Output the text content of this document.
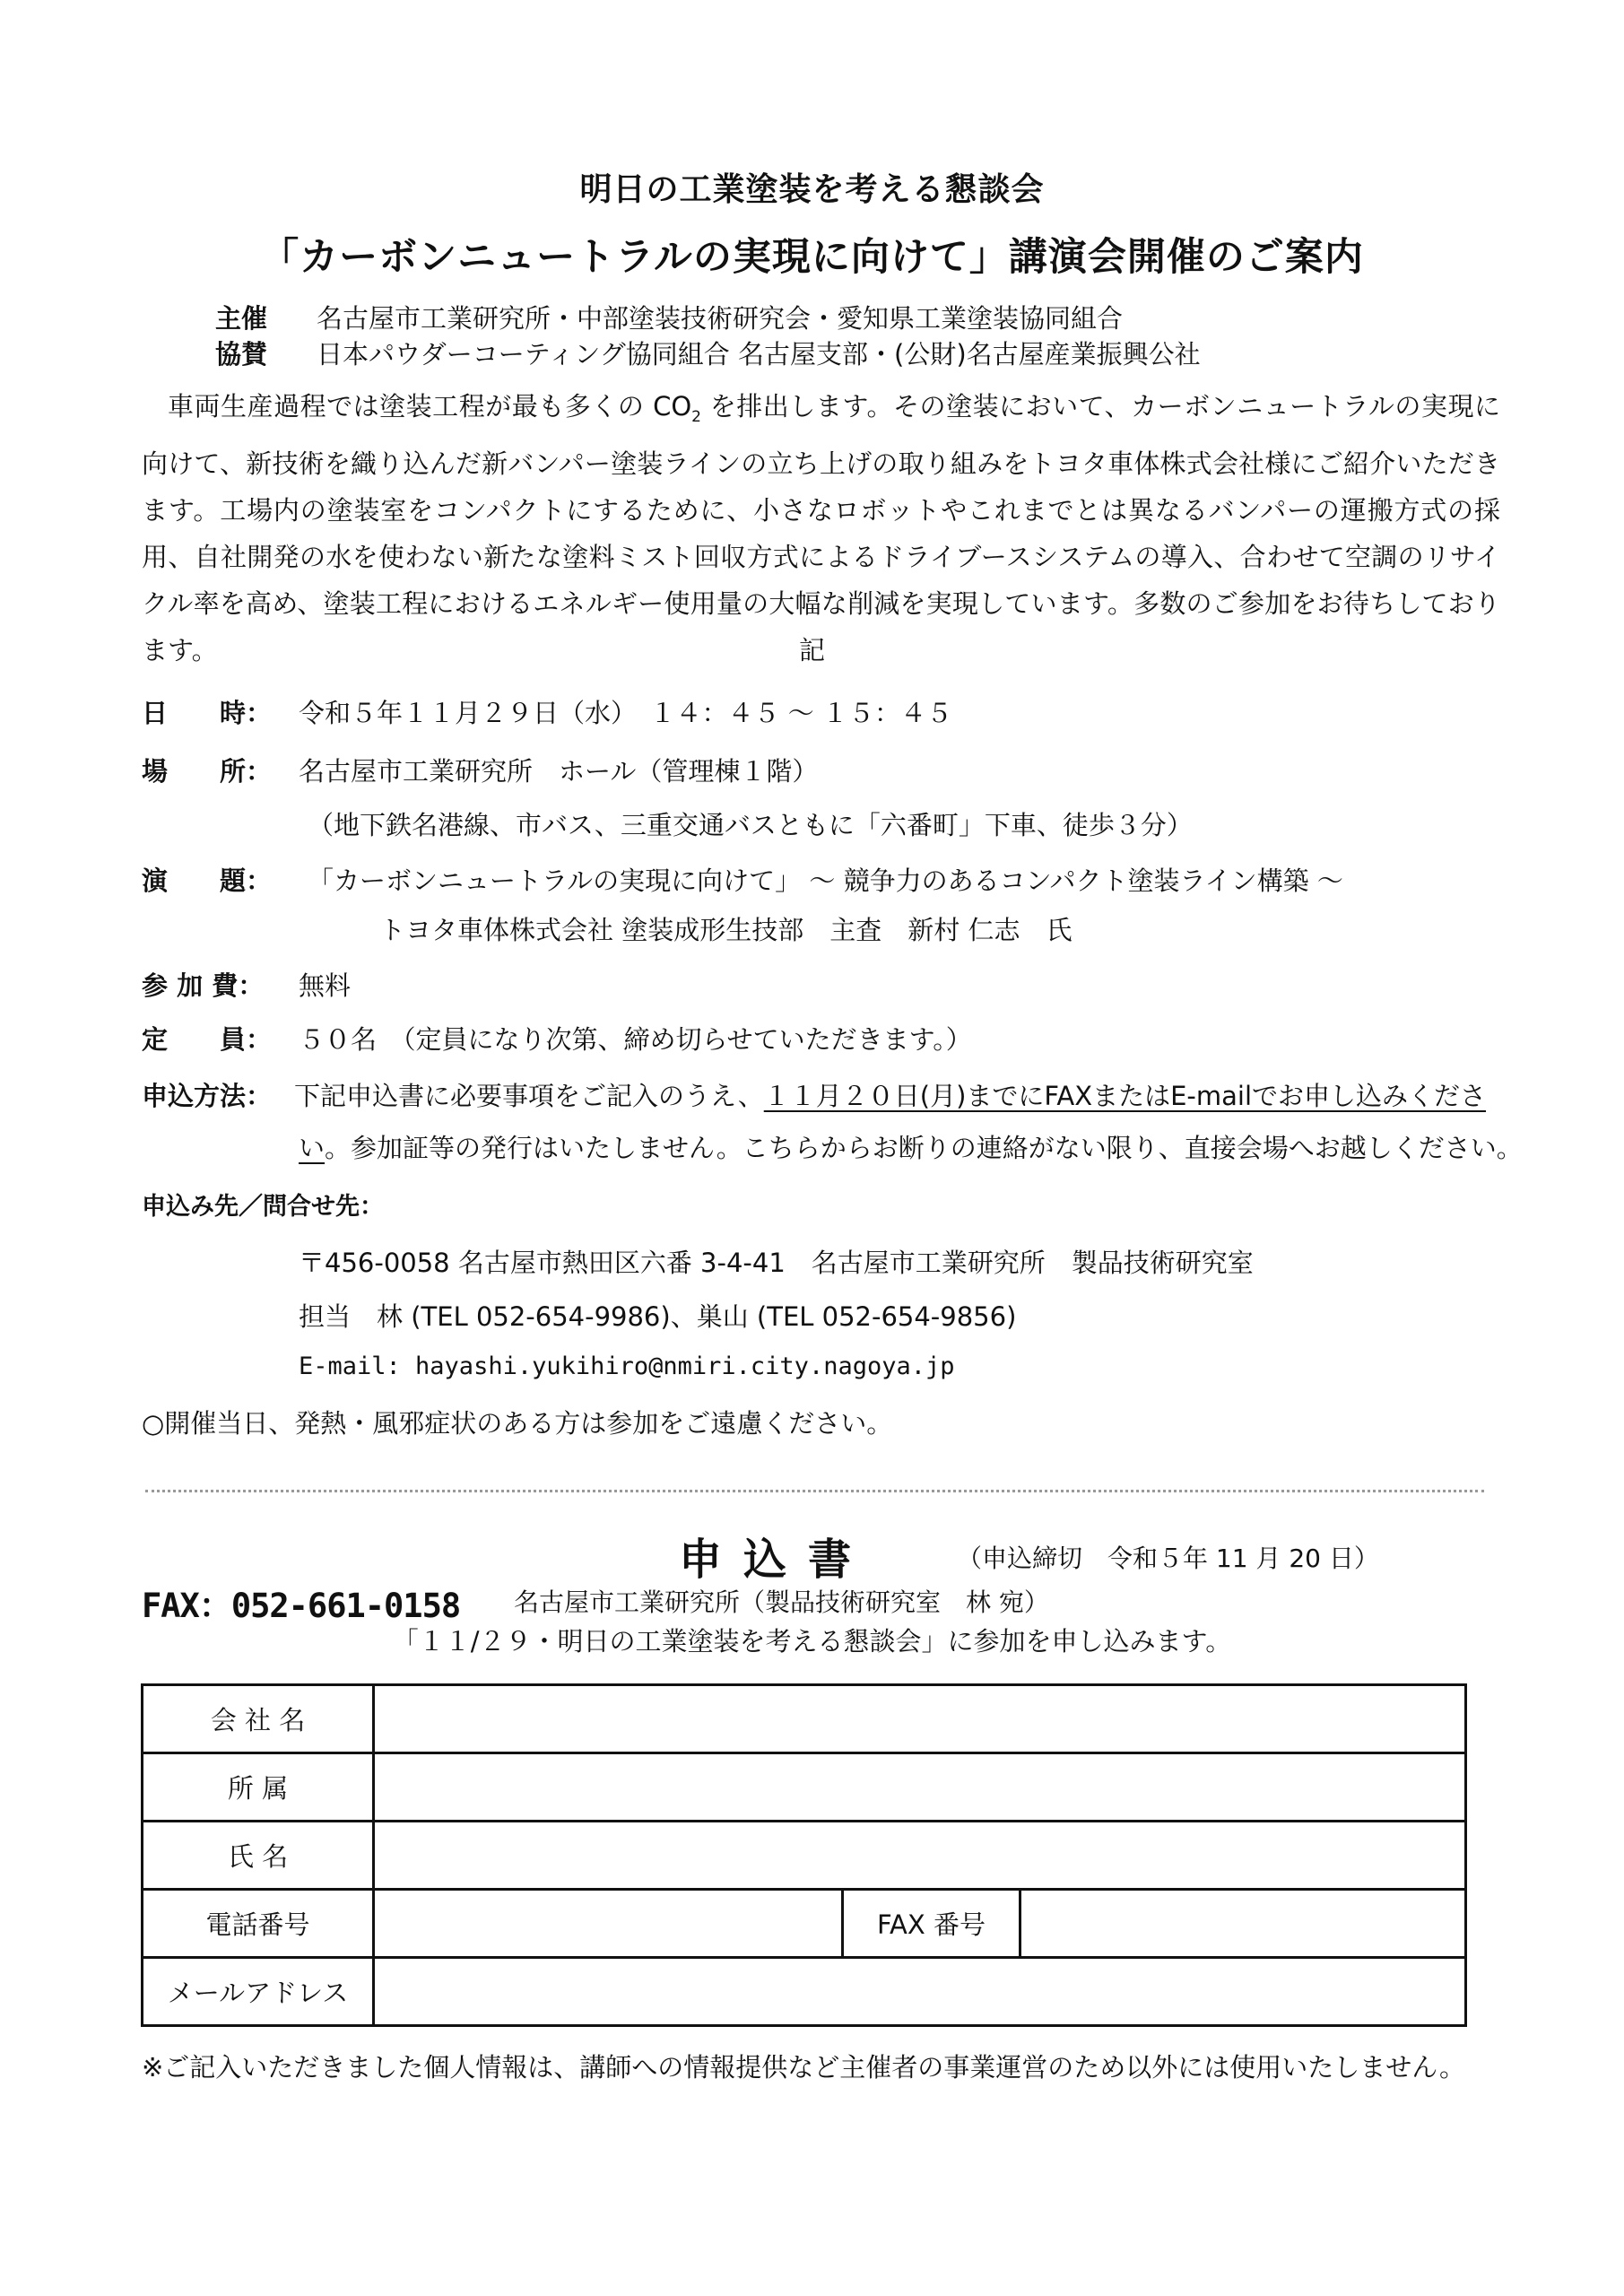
明日の工業塗装を考える懇談会
「カーボンニュートラルの実現に向けて」講演会開催のご案内
主催 名古屋市工業研究所・中部塗装技術研究会・愛知県工業塗装協同組合
協賛 日本パウダーコーティング協同組合 名古屋支部・(公財)名古屋産業振興公社
車両生産過程では塗装工程が最も多くの $CO_2$ を排出します。その塗装において、カーボンニュートラルの実現に向けて、新技術を織り込んだ新バンパー塗装ラインの立ち上げの取り組みをトヨタ車体株式会社様にご紹介いただきます。工場内の塗装室をコンパクトにするために、小さなロボットやこれまでとは異なるバンパーの運搬方式の採用、自社開発の水を使わない新たな塗料ミスト回収方式によるドライブースシステムの導入、合わせて空調のリサイクル率を高め、塗装工程におけるエネルギー使用量の大幅な削減を実現しています。多数のご参加をお待ちしております。	記
日　　時： 令和５年１１月２９日（水）　１４：４５ 〜 １５：４５
場　　所： 名古屋市工業研究所　ホール（管理棟１階）
（地下鉄名港線、市バス、三重交通バスともに「六番町」下車、徒歩３分）
演　　題： 「カーボンニュートラルの実現に向けて」 〜 競争力のあるコンパクト塗装ライン構築 〜
トヨタ車体株式会社 塗装成形生技部　主査　新村 仁志　氏
参 加 費： 無料
定　　員： ５０名　（定員になり次第、締め切らせていただきます。）
申込方法： 下記申込書に必要事項をご記入のうえ、１１月２０日(月)までにFAXまたはE-mailでお申し込みくださ
い。参加証等の発行はいたしません。こちらからお断りの連絡がない限り、直接会場へお越しください。
申込み先／問合せ先：
〒456-0058 名古屋市熱田区六番 3-4-41　名古屋市工業研究所　製品技術研究室
担当　林 (TEL 052-654-9986)、巣山 (TEL 052-654-9856)
E-mail: hayashi.yukihiro@nmiri.city.nagoya.jp
○開催当日、発熱・風邪症状のある方は参加をご遠慮ください。
申込書	（申込締切　令和５年 11 月 20 日）
FAX：052-661-0158 名古屋市工業研究所（製品技術研究室　林 宛）
「１１/２９・明日の工業塗装を考える懇談会」に参加を申し込みます。
会 社 名			
所 属			
氏 名			
電話番号		FAX 番号	
メールアドレス			
※ご記入いただきました個人情報は、講師への情報提供など主催者の事業運営のため以外には使用いたしません。
